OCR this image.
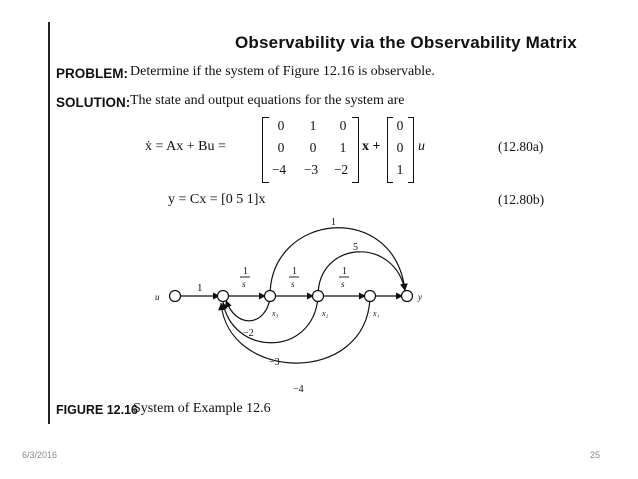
Observability via the Observability Matrix
PROBLEM: Determine if the system of Figure 12.16 is observable.
SOLUTION: The state and output equations for the system are
ẋ = Ax + Bu =
0	1	0
0	0	1
−4	−3	−2
x +
0
0
1
u	(12.80a)
y = Cx = [0 5 1]x	(12.80b)
u	y
1
1
s
1
s
1
s
x₃	x₂	x₁
1
5
−2
−3
−4
FIGURE 12.16
System of Example 12.6
6/3/2016	25
